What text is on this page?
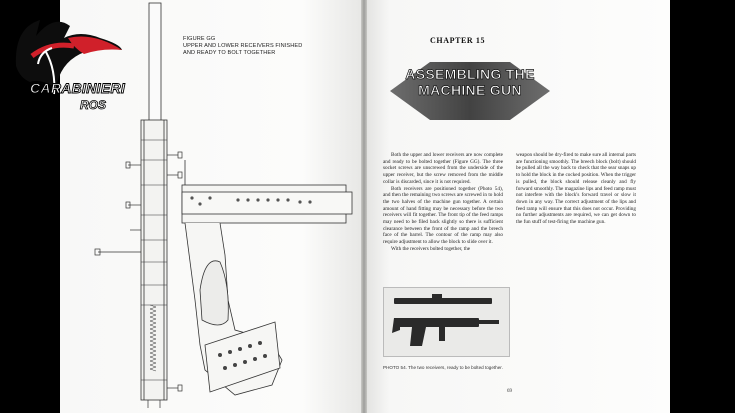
FIGURE GG
UPPER AND LOWER RECEIVERS FINISHED
AND READY TO BOLT TOGETHER
CHAPTER 15
ASSEMBLING THE
MACHINE GUN

Both the upper and lower receivers are now complete and ready to be bolted together (Figure GG). The three socket screws are unscrewed from the underside of the upper receiver, but the screw removed from the middle collar is discarded, since it is not required.

Both receivers are positioned together (Photo 54), and then the remaining two screws are screwed in to hold the two halves of the machine gun together. A certain amount of hand fitting may be necessary before the two receivers will fit together. The front tip of the feed ramps may need to be filed back slightly so there is sufficient clearance between the front of the ramp and the breech face of the barrel. The contour of the ramp may also require adjustment to allow the block to slide over it.

With the receivers bolted together, the

weapon should be dry-fired to make sure all internal parts are functioning smoothly. The breech block (bolt) should be pulled all the way back to check that the sear snaps up to hold the block in the cocked position. When the trigger is pulled, the block should release cleanly and fly forward smoothly. The magazine lips and feed ramp must not interfere with the block's forward travel or slow it down in any way. The correct adjustment of the lips and feed ramp will ensure that this does not occur. Providing no further adjustments are required, we can get down to the fun stuff of test-firing the machine gun.

PHOTO 54. The two receivers, ready to be bolted together.
69
CARABINIERI
ROS
